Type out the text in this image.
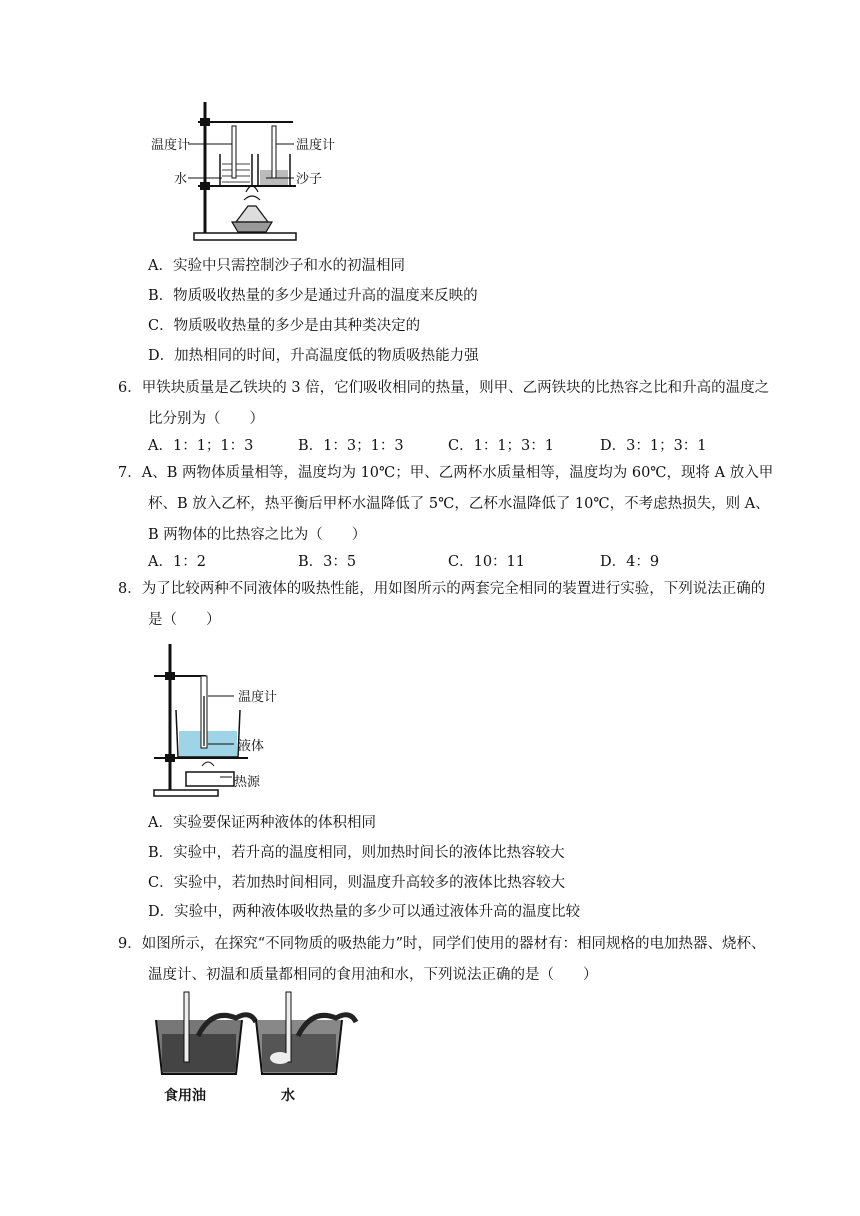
温度计	温度计
水	沙子
A．实验中只需控制沙子和水的初温相同
B．物质吸收热量的多少是通过升高的温度来反映的
C．物质吸收热量的多少是由其种类决定的
D．加热相同的时间，升高温度低的物质吸热能力强
6．甲铁块质量是乙铁块的 3 倍，它们吸收相同的热量，则甲、乙两铁块的比热容之比和升高的温度之比分别为（　　）
A．1：1；1：3	B．1：3；1：3	C．1：1；3：1	D．3：1；3：1
7．A、B 两物体质量相等，温度均为 10℃；甲、乙两杯水质量相等，温度均为 60℃，现将 A 放入甲杯、B 放入乙杯，热平衡后甲杯水温降低了 5℃，乙杯水温降低了 10℃，不考虑热损失，则 A、B 两物体的比热容之比为（　　）
A．1：2	B．3：5	C．10：11	D．4：9
8．为了比较两种不同液体的吸热性能，用如图所示的两套完全相同的装置进行实验，下列说法正确的是（　　）
温度计
液体
热源
A．实验要保证两种液体的体积相同
B．实验中，若升高的温度相同，则加热时间长的液体比热容较大
C．实验中，若加热时间相同，则温度升高较多的液体比热容较大
D．实验中，两种液体吸收热量的多少可以通过液体升高的温度比较
9．如图所示，在探究“不同物质的吸热能力”时，同学们使用的器材有：相同规格的电加热器、烧杯、温度计、初温和质量都相同的食用油和水，下列说法正确的是（　　）
食用油	水
